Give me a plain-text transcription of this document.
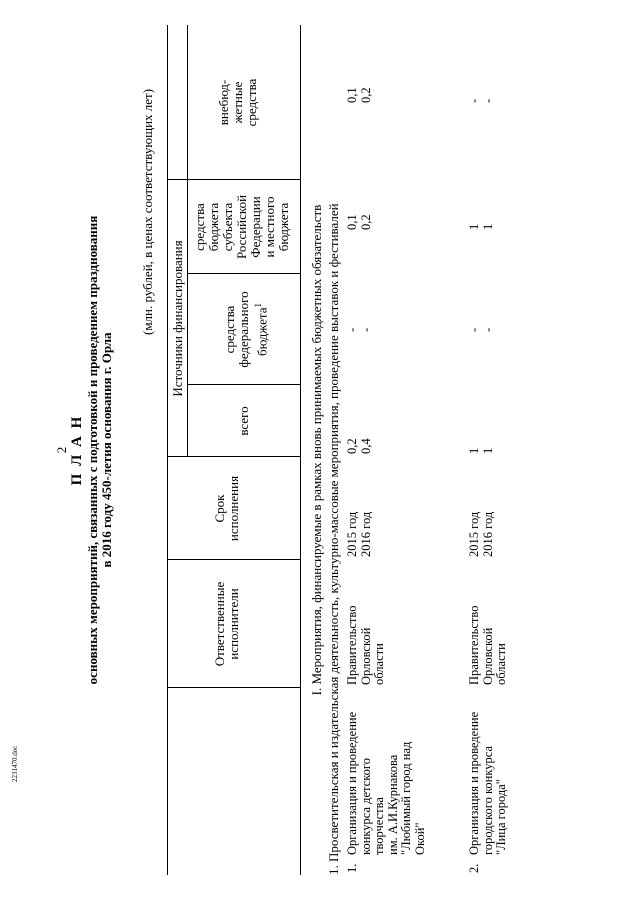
2 П Л А Н основных мероприятий, связанных с подготовкой и проведением празднования в 2016 году 450-летия основания г. Орла
(млн. рублей, в ценах соответствующих лет)
Ответственные исполнители
Срок исполнения
Источники финансирования
всего
средства федерального бюджета$^1$
средства бюджета субъекта Российской Федерации и местного бюджета
внебюд- жетные средства
I. Мероприятия, финансируемые в рамках вновь принимаемых бюджетных обязательств 1. Просветительская и издательская деятельность, культурно-массовые мероприятия, проведение выставок и фестивалей 1.
Организация и проведение конкурса детского творчества им. А.И.Курнакова "Любимый город над Окой"
Правительство Орловской области
2015 год 2016 год
0,2 0,4
- -
0,1 0,2
0,1 0,2
2.
Организация и проведение городского конкурса "Лица города"
Правительство Орловской области
2015 год 2016 год
1 1
- -
1 1
- -
2231470.doc
